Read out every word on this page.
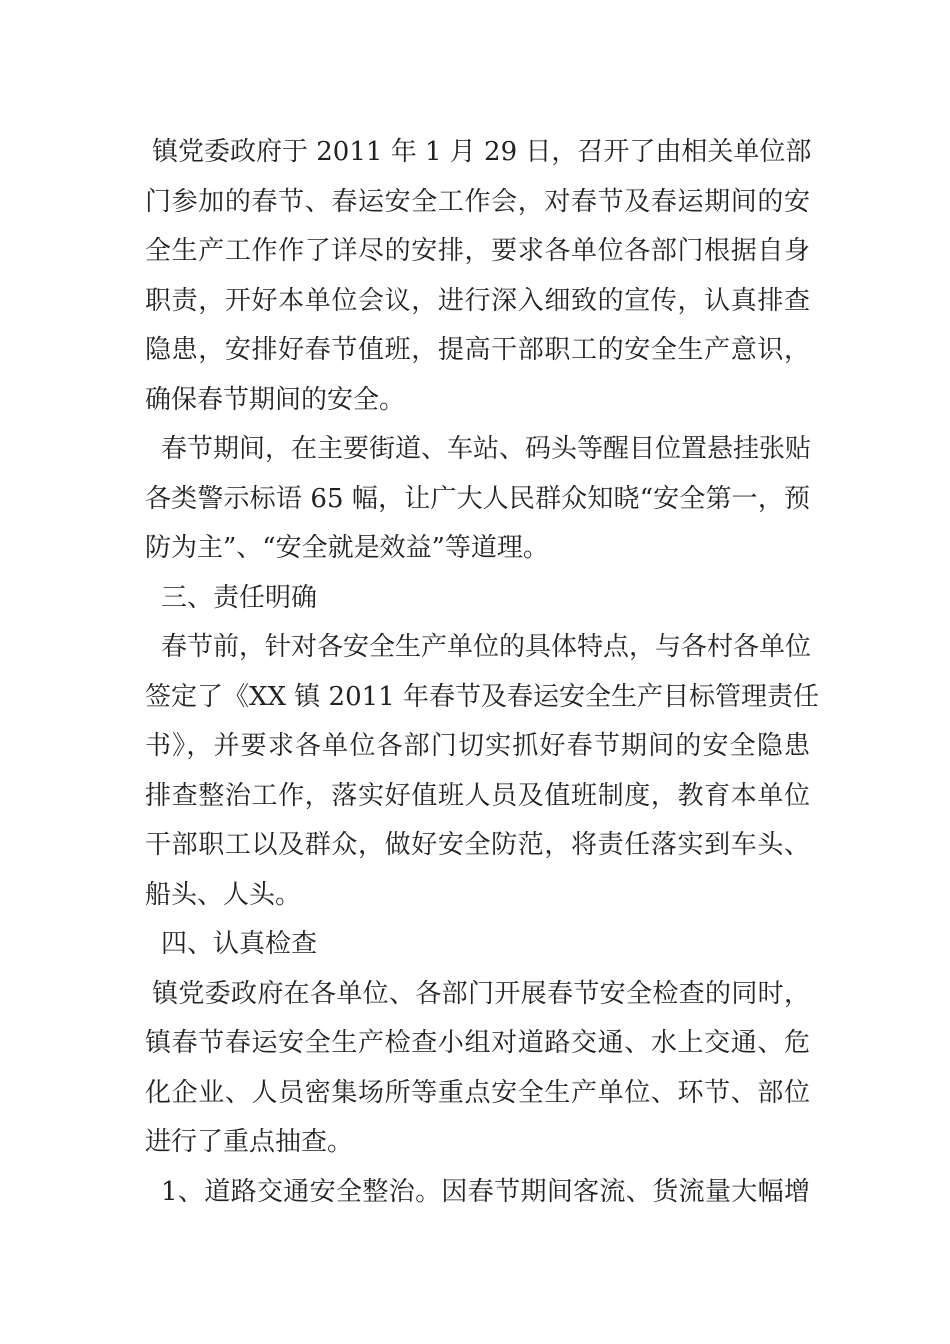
镇党委政府于 2011 年 1 月 29 日，召开了由相关单位部
门参加的春节、春运安全工作会，对春节及春运期间的安
全生产工作作了详尽的安排，要求各单位各部门根据自身
职责，开好本单位会议，进行深入细致的宣传，认真排查
隐患，安排好春节值班，提高干部职工的安全生产意识，
确保春节期间的安全。
春节期间，在主要街道、车站、码头等醒目位置悬挂张贴
各类警示标语 65 幅，让广大人民群众知晓“安全第一，预
防为主”、“安全就是效益”等道理。
三、责任明确
春节前，针对各安全生产单位的具体特点，与各村各单位
签定了《XX 镇 2011 年春节及春运安全生产目标管理责任
书》，并要求各单位各部门切实抓好春节期间的安全隐患
排查整治工作，落实好值班人员及值班制度，教育本单位
干部职工以及群众，做好安全防范，将责任落实到车头、
船头、人头。
四、认真检查
镇党委政府在各单位、各部门开展春节安全检查的同时，
镇春节春运安全生产检查小组对道路交通、水上交通、危
化企业、人员密集场所等重点安全生产单位、环节、部位
进行了重点抽查。
1、道路交通安全整治。因春节期间客流、货流量大幅增
